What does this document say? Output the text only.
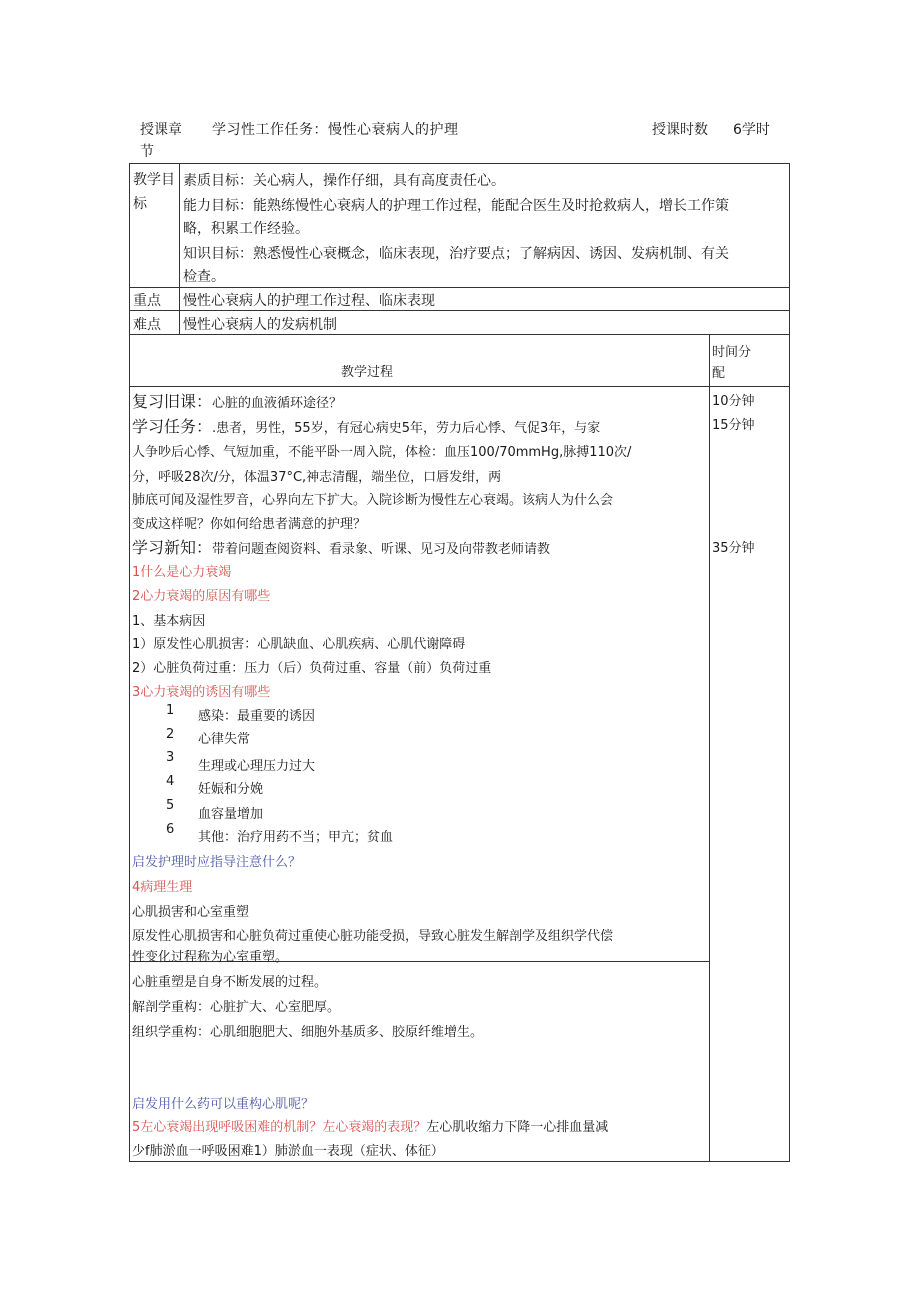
授课章
节
学习性工作任务：慢性心衰病人的护理	授课时数 6学时
教学目
标
素质目标：关心病人，操作仔细，具有高度责任心。
能力目标：能熟练慢性心衰病人的护理工作过程，能配合医生及时抢救病人，增长工作策
略，积累工作经验。
知识目标：熟悉慢性心衰概念，临床表现，治疗要点；了解病因、诱因、发病机制、有关
检查。
重点 慢性心衰病人的护理工作过程、临床表现
难点 慢性心衰病人的发病机制
教学过程
时间分
配
10分钟
15分钟
35分钟
复习旧课：心脏的血液循环途径？
学习任务：.患者，男性，55岁，有冠心病史5年，劳力后心悸、气促3年，与家
人争吵后心悸、气短加重，不能平卧一周入院，体检：血压100/70mmHg,脉搏110次/
分，呼吸28次/分，体温37°C,神志清醒，端坐位，口唇发绀，两
肺底可闻及湿性罗音，心界向左下扩大。入院诊断为慢性左心衰竭。该病人为什么会
变成这样呢？你如何给患者满意的护理？
学习新知：带着问题查阅资料、看录象、听课、见习及向带教老师请教
1什么是心力衰竭
2心力衰竭的原因有哪些
1、基本病因
1）原发性心肌损害：心肌缺血、心肌疾病、心肌代谢障碍
2）心脏负荷过重：压力（后）负荷过重、容量（前）负荷过重
3心力衰竭的诱因有哪些
1 感染：最重要的诱因
2 心律失常
3
生理或心理压力过大
4
妊娠和分娩
5
血容量增加
6
其他：治疗用药不当；甲亢；贫血
启发护理时应指导注意什么？
4病理生理
心肌损害和心室重塑
原发性心肌损害和心脏负荷过重使心脏功能受损，导致心脏发生解剖学及组织学代偿
性变化过程称为心室重塑。
心脏重塑是自身不断发展的过程。
解剖学重构：心脏扩大、心室肥厚。
组织学重构：心肌细胞肥大、细胞外基质多、胶原纤维增生。
启发用什么药可以重构心肌呢？
5左心衰竭出现呼吸困难的机制？左心衰竭的表现？左心肌收缩力下降一心排血量减
少f肺淤血一呼吸困难1）肺淤血一表现（症状、体征）
